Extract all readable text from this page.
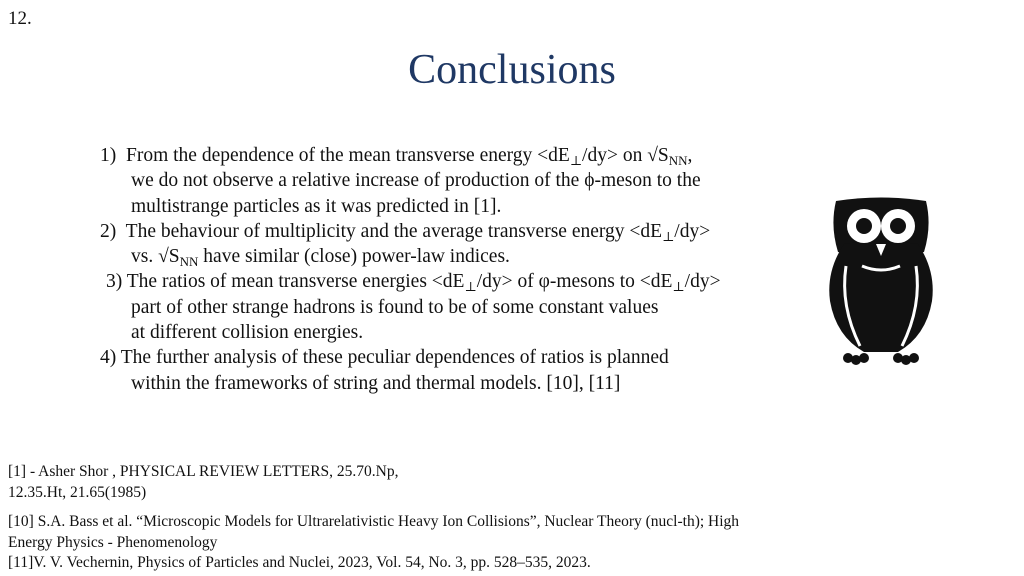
12.
Conclusions
1) From the dependence of the mean transverse energy $<dE_\perp/dy>$ on $√S_{NN}$,
we do not observe a relative increase of production of the ϕ-meson to the
multistrange particles as it was predicted in [1].
2) The behaviour of multiplicity and the average transverse energy $<dE_\perp/dy>$
vs. $√S_{NN}$ have similar (close) power-law indices.
3) The ratios of mean transverse energies $<dE_\perp/dy>$ of φ-mesons to $<dE_\perp/dy>$
part of other strange hadrons is found to be of some constant values
at different collision energies.
4) The further analysis of these peculiar dependences of ratios is planned
within the frameworks of string and thermal models. [10], [11]
[1] - Asher Shor , PHYSICAL REVIEW LETTERS, 25.70.Np, 12.35.Ht, 21.65(1985)
[10] S.A. Bass et al. “Microscopic Models for Ultrarelativistic Heavy Ion Collisions”, Nuclear Theory (nucl-th); High Energy Physics - Phenomenology
[11]V. V. Vechernin, Physics of Particles and Nuclei, 2023, Vol. 54, No. 3, pp. 528–535, 2023.
